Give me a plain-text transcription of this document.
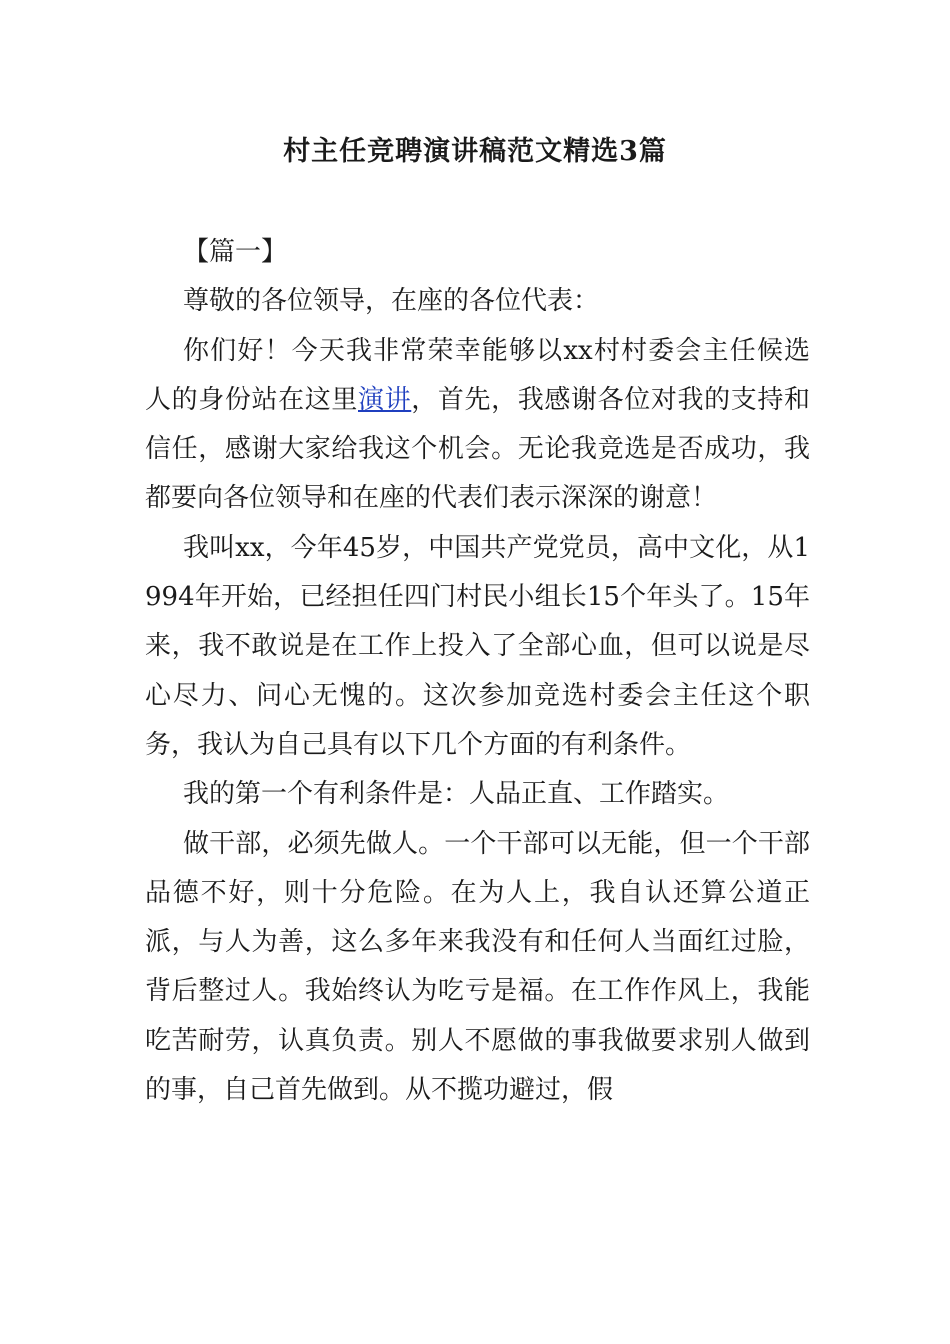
村主任竞聘演讲稿范文精选3篇

【篇一】

尊敬的各位领导，在座的各位代表：

你们好！今天我非常荣幸能够以xx村村委会主任候选人的身份站在这里演讲，首先，我感谢各位对我的支持和信任，感谢大家给我这个机会。无论我竞选是否成功，我都要向各位领导和在座的代表们表示深深的谢意！

我叫xx，今年45岁，中国共产党党员，高中文化，从1994年开始，已经担任四门村民小组长15个年头了。15年来，我不敢说是在工作上投入了全部心血，但可以说是尽心尽力、问心无愧的。这次参加竞选村委会主任这个职务，我认为自己具有以下几个方面的有利条件。

我的第一个有利条件是：人品正直、工作踏实。

做干部，必须先做人。一个干部可以无能，但一个干部品德不好，则十分危险。在为人上，我自认还算公道正派，与人为善，这么多年来我没有和任何人当面红过脸，背后整过人。我始终认为吃亏是福。在工作作风上，我能吃苦耐劳，认真负责。别人不愿做的事我做要求别人做到的事，自己首先做到。从不揽功避过，假
